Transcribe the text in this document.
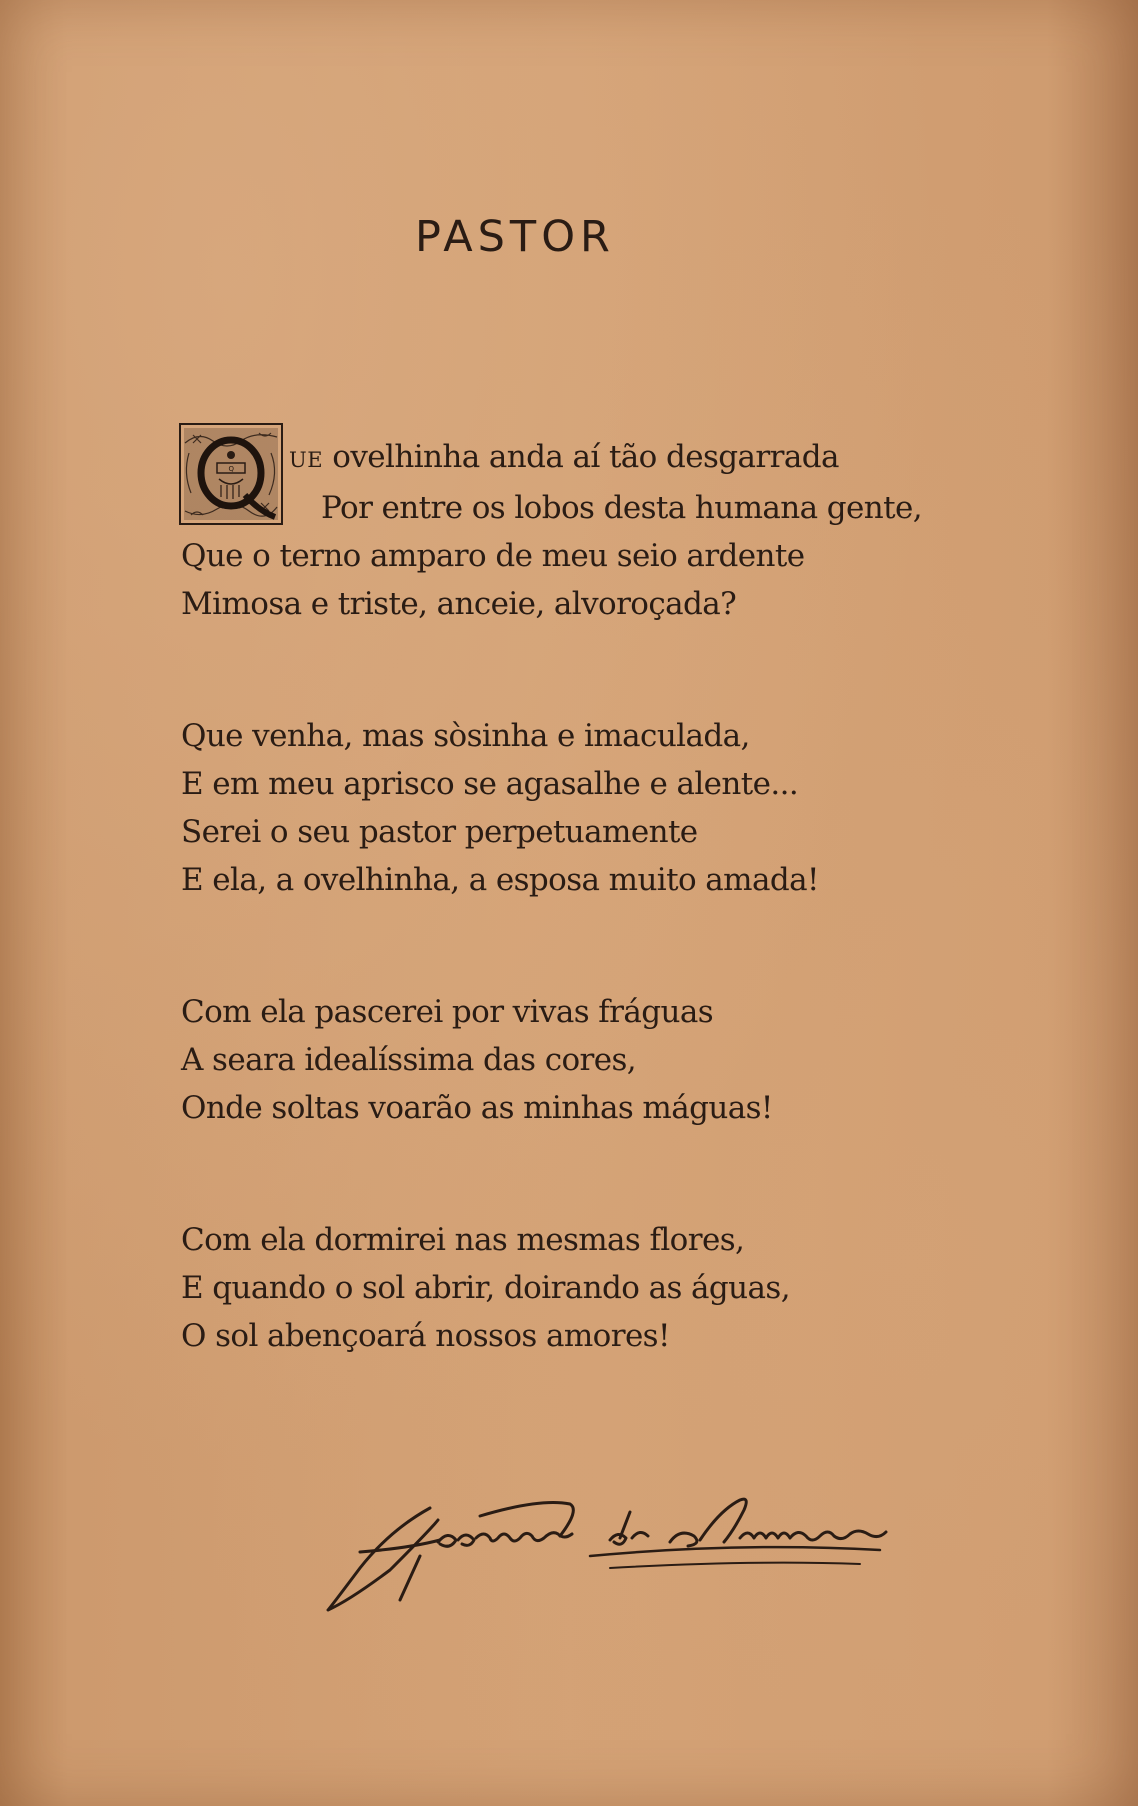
PASTOR
Q	UE ovelhinha anda aí tão desgarrada
Por entre os lobos desta humana gente,
Que o terno amparo de meu seio ardente
Mimosa e triste, anceie, alvoroçada?
Que venha, mas sòsinha e imaculada,
E em meu aprisco se agasalhe e alente...
Serei o seu pastor perpetuamente
E ela, a ovelhinha, a esposa muito amada!
Com ela pascerei por vivas fráguas
A seara idealíssima das cores,
Onde soltas voarão as minhas máguas!
Com ela dormirei nas mesmas flores,
E quando o sol abrir, doirando as águas,
O sol abençoará nossos amores!
